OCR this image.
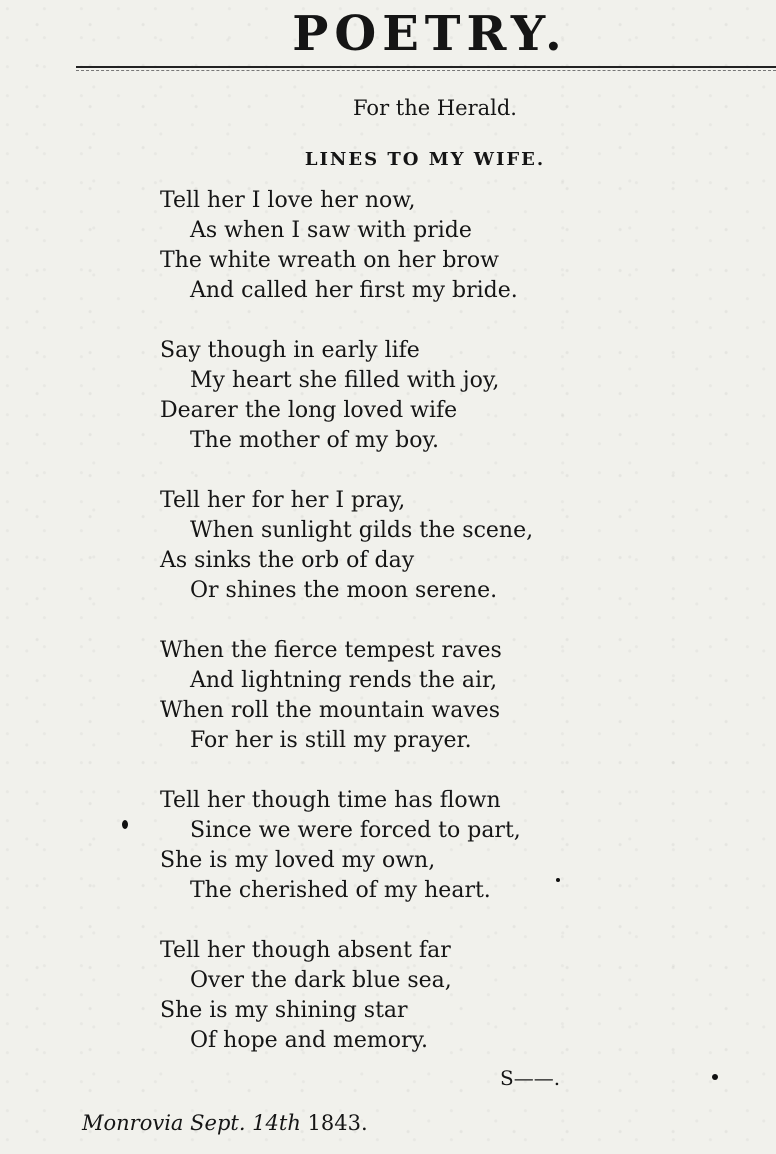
POETRY.

For the Herald.

LINES TO MY WIFE.
Tell her I love her now,
As when I saw with pride
The white wreath on her brow
And called her first my bride.
Say though in early life
My heart she filled with joy,
Dearer the long loved wife
The mother of my boy.
Tell her for her I pray,
When sunlight gilds the scene,
As sinks the orb of day
Or shines the moon serene.
When the fierce tempest raves
And lightning rends the air,
When roll the mountain waves
For her is still my prayer.
Tell her though time has flown
Since we were forced to part,
She is my loved my own,
The cherished of my heart.
Tell her though absent far
Over the dark blue sea,
She is my shining star
Of hope and memory.

S——.

Monrovia Sept. 14th 1843.
